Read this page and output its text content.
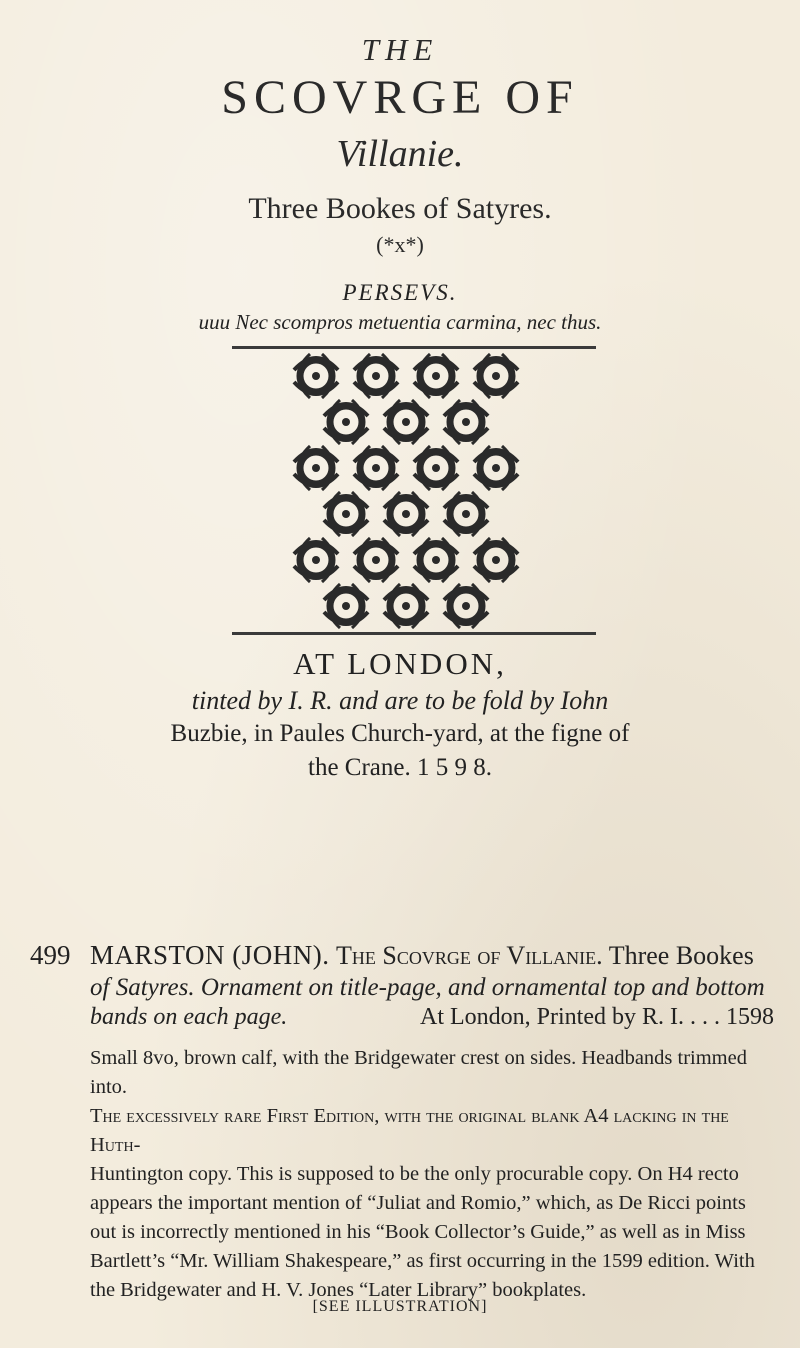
THE
SCOVRGE OF
Villanie.
Three Bookes of Satyres.
(*x*)
PERSEVS.
uuu Nec scompros metuentia carmina, nec thus.
AT LONDON,
tinted by I. R. and are to be fold by Iohn
Buzbie, in Paules Church-yard, at the figne of
the Crane. 1 5 9 8.
499 MARSTON (JOHN). The Scovrge of Villanie. Three Bookes
of Satyres. Ornament on title-page, and ornamental top and bottom
bands on each page.	At London, Printed by R. I. . . . 1598
Small 8vo, brown calf, with the Bridgewater crest on sides. Headbands trimmed into.
The excessively rare First Edition, with the original blank A4 lacking in the Huth-
Huntington copy. This is supposed to be the only procurable copy. On H4 recto
appears the important mention of “Juliat and Romio,” which, as De Ricci points
out is incorrectly mentioned in his “Book Collector’s Guide,” as well as in Miss
Bartlett’s “Mr. William Shakespeare,” as first occurring in the 1599 edition. With
the Bridgewater and H. V. Jones “Later Library” bookplates.
[SEE ILLUSTRATION]
